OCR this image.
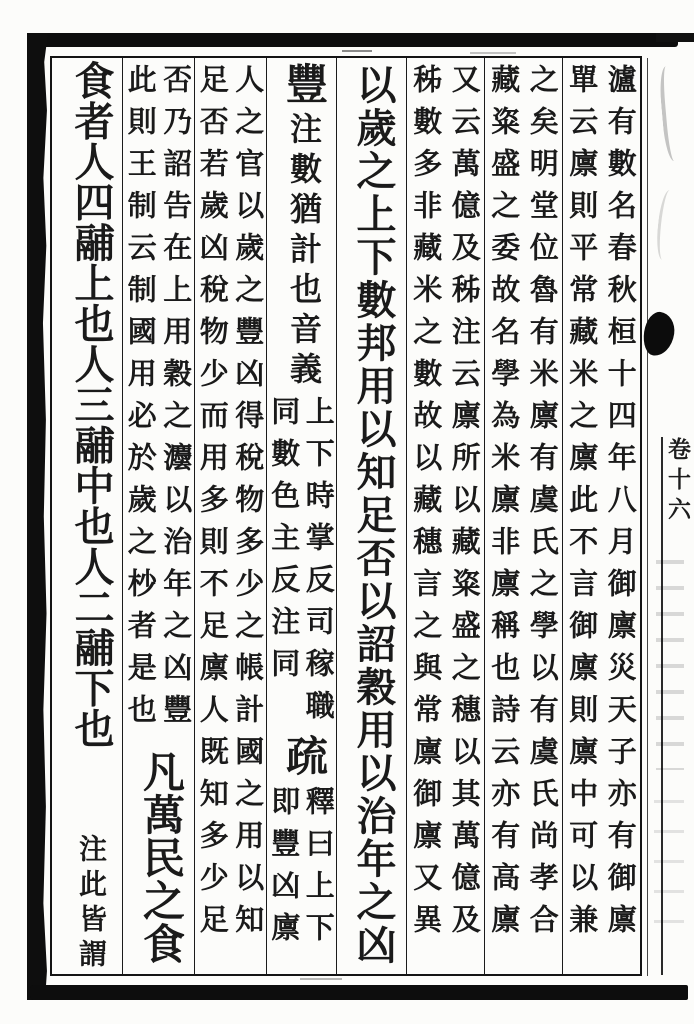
卷十六
瀘有數名春秋桓十四年八月御廪災天子亦有御廪
單云廪則平常藏米之廪此不言御廪則廪中可以兼
之矣明堂位魯有米廪有虞氏之學以有虞氏尚孝合
藏粢盛之委故名學為米廪非廪稱也詩云亦有高廪
又云萬億及秭注云廪所以藏粢盛之穗以其萬億及
秭數多非藏米之數故以藏穗言之與常廪御廪又異
以歲之上下數邦用以知足否以詔穀用以治年之凶
豐
注數猶計也音義
上下時掌反司稼職
同數色主反注同
疏
釋曰上下
即豐凶廪
人之官以歲之豐凶得稅物多少之帳計國之用以知
足否若歲凶稅物少而用多則不足廪人既知多少足
否乃詔告在上用穀之灋以治年之凶豐
此則王制云制國用必於歲之杪者是也
凡萬民之食
食者人四鬴上也人三鬴中也人二鬴下也
注此皆謂
